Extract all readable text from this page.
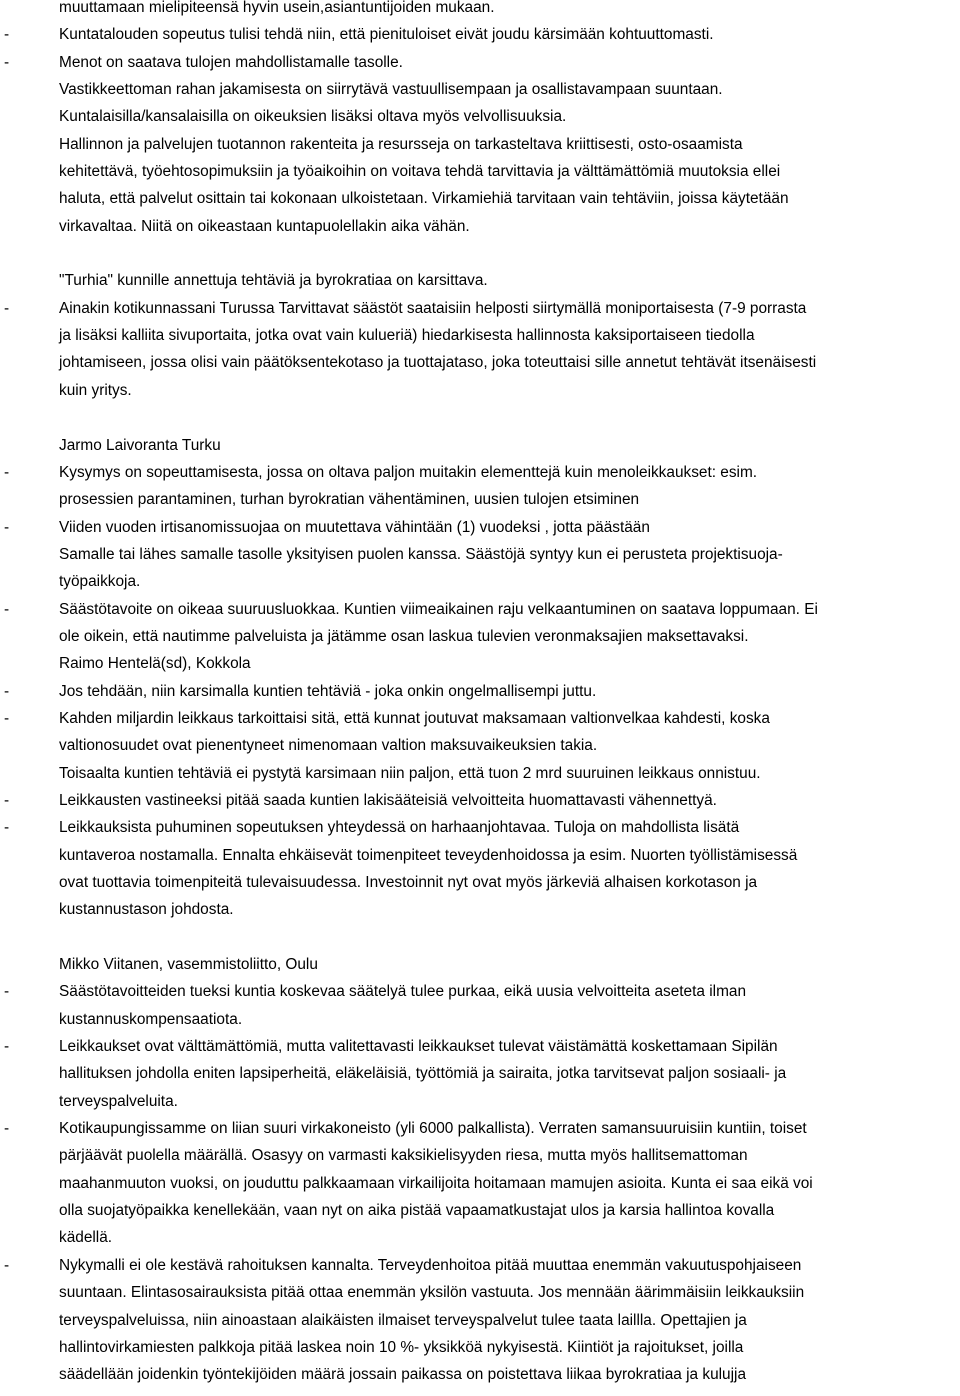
muuttamaan mielipiteensä hyvin usein,asiantuntijoiden mukaan.
- Kuntatalouden sopeutus tulisi tehdä niin, että pienituloiset eivät joudu kärsimään kohtuuttomasti.
- Menot on saatava tulojen mahdollistamalle tasolle.
Vastikkeettoman rahan jakamisesta on siirrytävä vastuullisempaan ja osallistavampaan suuntaan.
Kuntalaisilla/kansalaisilla on oikeuksien lisäksi oltava myös velvollisuuksia.
Hallinnon ja palvelujen tuotannon rakenteita ja resursseja on tarkasteltava kriittisesti, osto-osaamista
kehitettävä, työehtosopimuksiin ja työaikoihin on voitava tehdä tarvittavia ja välttämättömiä muutoksia ellei
haluta, että palvelut osittain tai kokonaan ulkoistetaan. Virkamiehiä tarvitaan vain tehtäviin, joissa käytetään
virkavaltaa. Niitä on oikeastaan kuntapuolellakin aika vähän.
"Turhia" kunnille annettuja tehtäviä ja byrokratiaa on karsittava.
- Ainakin kotikunnassani Turussa Tarvittavat säästöt saataisiin helposti siirtymällä moniportaisesta (7-9 porrasta
ja lisäksi kalliita sivuportaita, jotka ovat vain kulueriä) hiedarkisesta hallinnosta kaksiportaiseen tiedolla
johtamiseen, jossa olisi vain päätöksentekotaso ja tuottajataso, joka toteuttaisi sille annetut tehtävät itsenäisesti
kuin yritys.
Jarmo Laivoranta Turku
- Kysymys on sopeuttamisesta, jossa on oltava paljon muitakin elementtejä kuin menoleikkaukset: esim.
prosessien parantaminen, turhan byrokratian vähentäminen, uusien tulojen etsiminen
- Viiden vuoden irtisanomissuojaa on muutettava vähintään (1) vuodeksi , jotta päästään
Samalle tai lähes samalle tasolle yksityisen puolen kanssa. Säästöjä syntyy kun ei perusteta projektisuoja-
työpaikkoja.
- Säästötavoite on oikeaa suuruusluokkaa. Kuntien viimeaikainen raju velkaantuminen on saatava loppumaan. Ei
ole oikein, että nautimme palveluista ja jätämme osan laskua tulevien veronmaksajien maksettavaksi.
Raimo Hentelä(sd), Kokkola
- Jos tehdään, niin karsimalla kuntien tehtäviä - joka onkin ongelmallisempi juttu.
- Kahden miljardin leikkaus tarkoittaisi sitä, että kunnat joutuvat maksamaan valtionvelkaa kahdesti, koska
valtionosuudet ovat pienentyneet nimenomaan valtion maksuvaikeuksien takia.
Toisaalta kuntien tehtäviä ei pystytä karsimaan niin paljon, että tuon 2 mrd suuruinen leikkaus onnistuu.
- Leikkausten vastineeksi pitää saada kuntien lakisääteisiä velvoitteita huomattavasti vähennettyä.
- Leikkauksista puhuminen sopeutuksen yhteydessä on harhaanjohtavaa. Tuloja on mahdollista lisätä
kuntaveroa nostamalla. Ennalta ehkäisevät toimenpiteet teveydenhoidossa ja esim. Nuorten työllistämisessä
ovat tuottavia toimenpiteitä tulevaisuudessa. Investoinnit nyt ovat myös järkeviä alhaisen korkotason ja
kustannustason johdosta.
Mikko Viitanen, vasemmistoliitto, Oulu
- Säästötavoitteiden tueksi kuntia koskevaa säätelyä tulee purkaa, eikä uusia velvoitteita aseteta ilman
kustannuskompensaatiota.
- Leikkaukset ovat välttämättömiä, mutta valitettavasti leikkaukset tulevat väistämättä koskettamaan Sipilän
hallituksen johdolla eniten lapsiperheitä, eläkeläisiä, työttömiä ja sairaita, jotka tarvitsevat paljon sosiaali- ja
terveyspalveluita.
- Kotikaupungissamme on liian suuri virkakoneisto (yli 6000 palkallista). Verraten samansuuruisiin kuntiin, toiset
pärjäävät puolella määrällä. Osasyy on varmasti kaksikielisyyden riesa, mutta myös hallitsemattoman
maahanmuuton vuoksi, on jouduttu palkkaamaan virkailijoita hoitamaan mamujen asioita. Kunta ei saa eikä voi
olla suojatyöpaikka kenellekään, vaan nyt on aika pistää vapaamatkustajat ulos ja karsia hallintoa kovalla
kädellä.
- Nykymalli ei ole kestävä rahoituksen kannalta. Terveydenhoitoa pitää muuttaa enemmän vakuutuspohjaiseen
suuntaan. Elintasosairauksista pitää ottaa enemmän yksilön vastuuta. Jos mennään äärimmäisiin leikkauksiin
terveyspalveluissa, niin ainoastaan alaikäisten ilmaiset terveyspalvelut tulee taata laillla. Opettajien ja
hallintovirkamiesten palkkoja pitää laskea noin 10 %- yksikköä nykyisestä. Kiintiöt ja rajoitukset, joilla
säädellään joidenkin työntekijöiden määrä jossain paikassa on poistettava liikaa byrokratiaa ja kulujja
